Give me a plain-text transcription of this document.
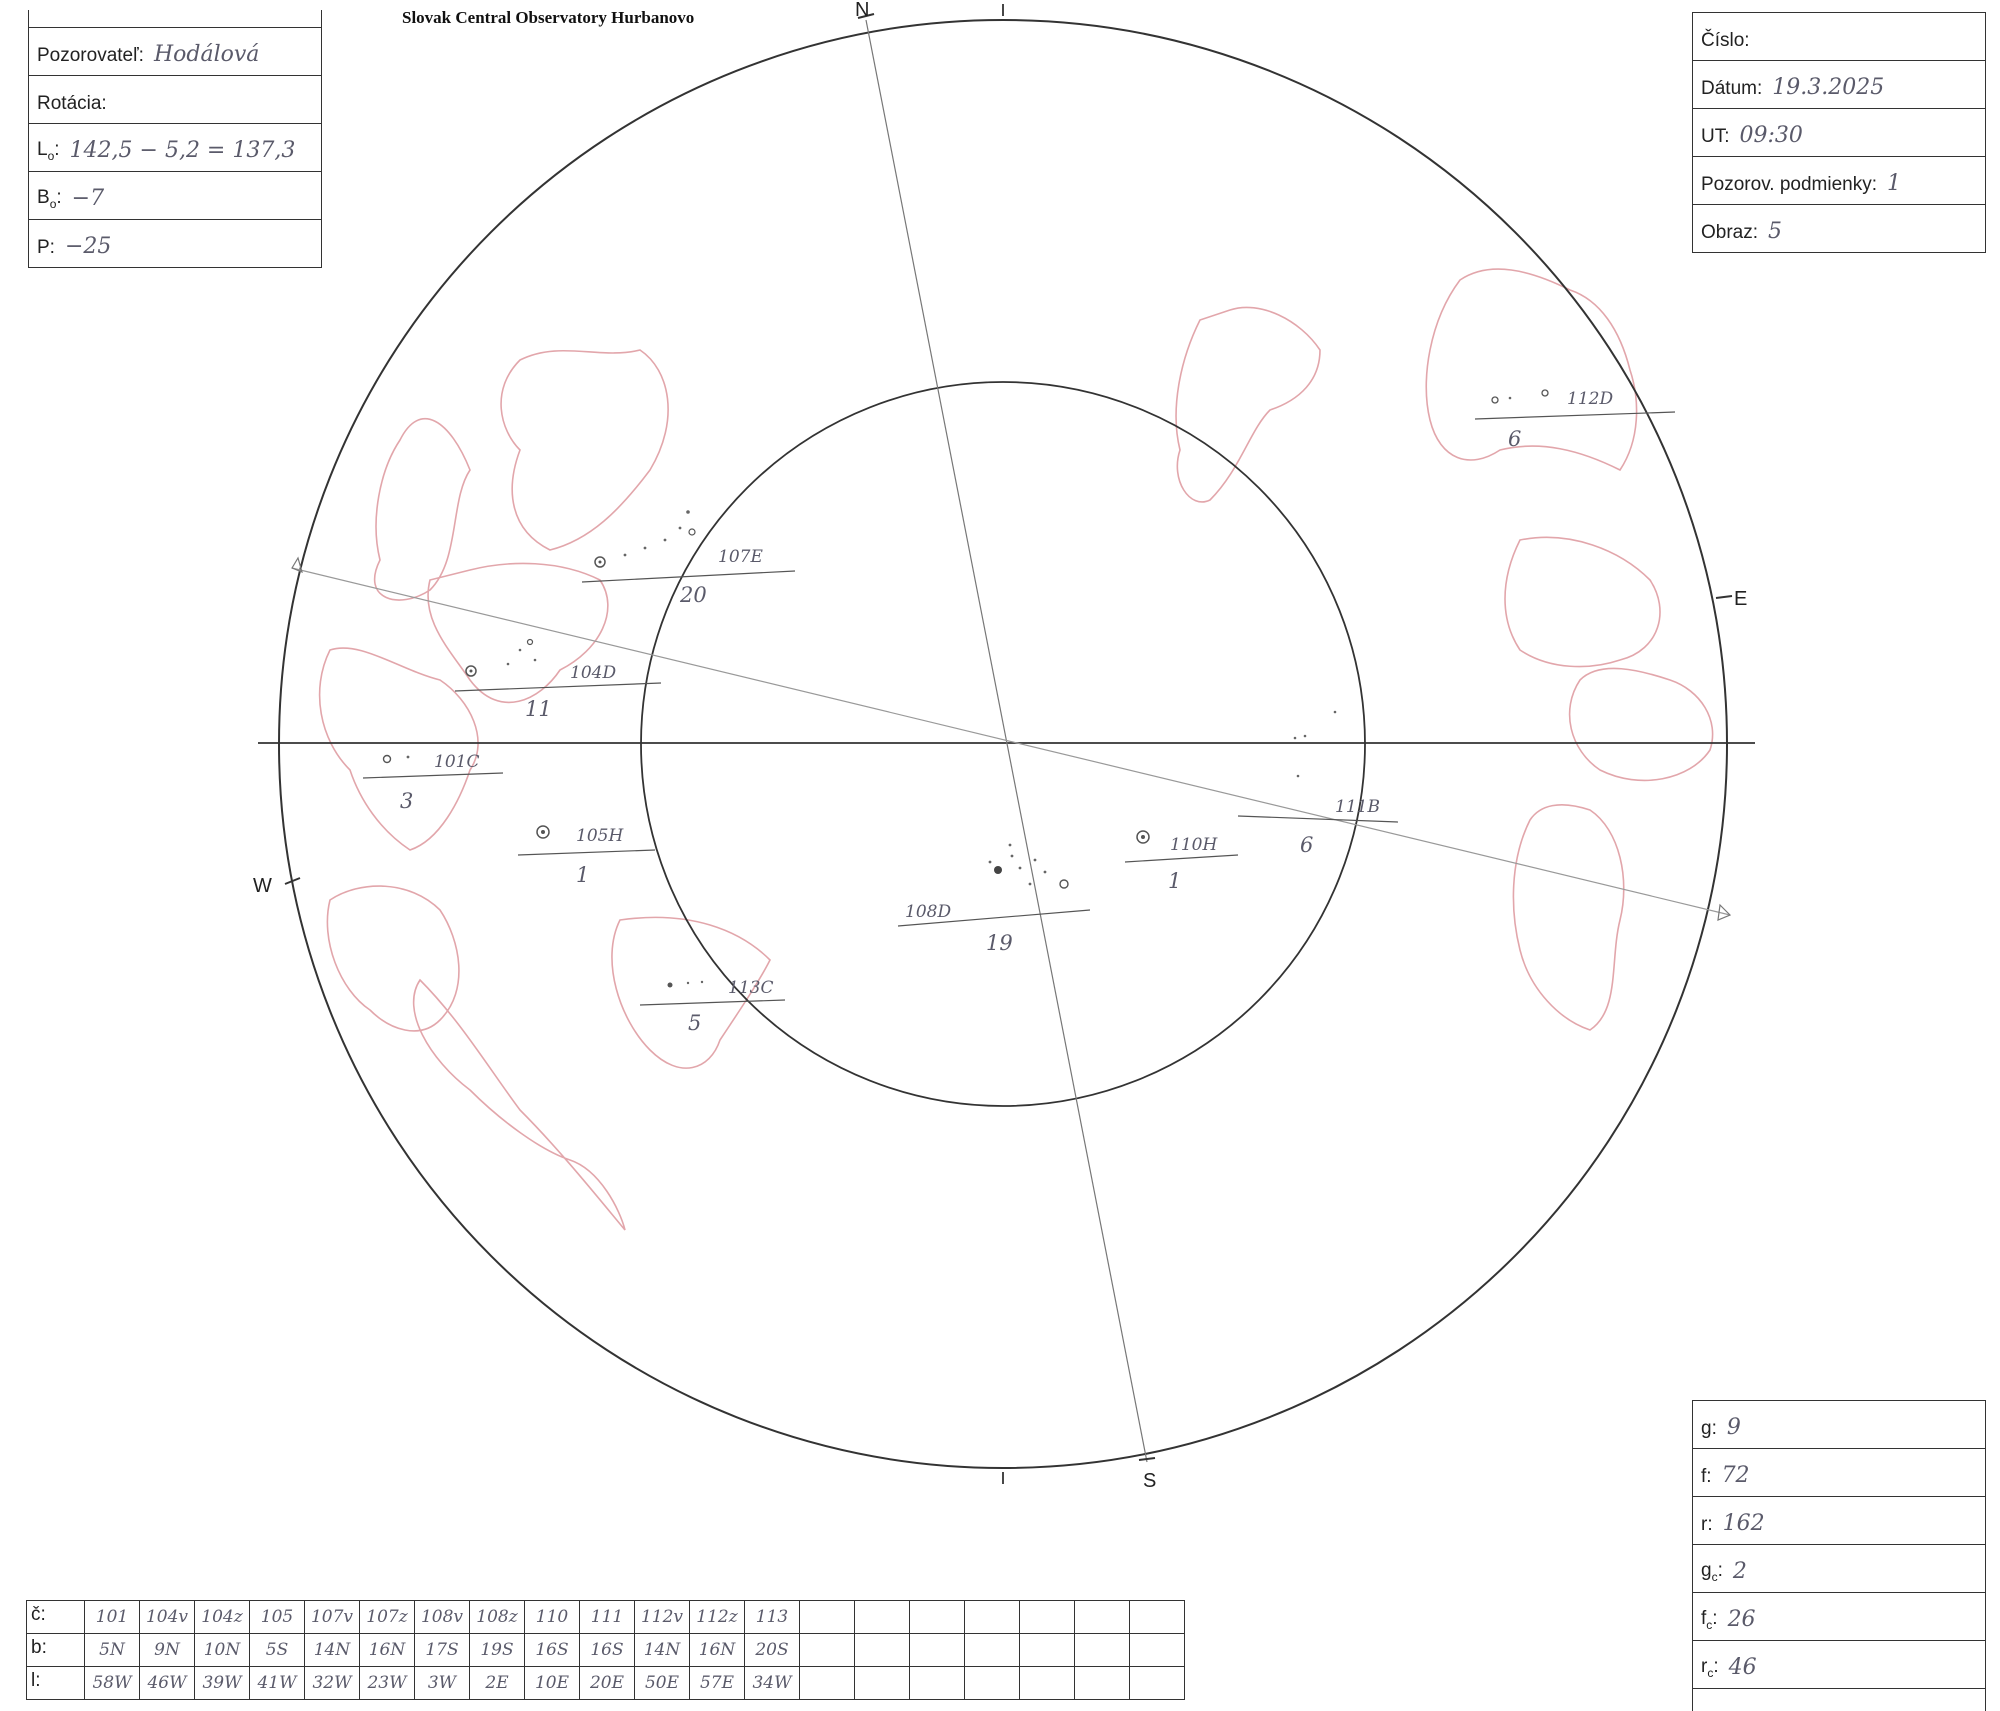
Slovak Central Observatory Hurbanovo
Pozorovateľ: Hodálová
Rotácia:
$L_o$: 142,5 − 5,2 = 137,3
$B_o$: −7
P: −25
Číslo:
Dátum: 19.3.2025
UT: 09:30
Pozorov. podmienky: 1
Obraz: 5
g: 9
f: 72
r: 162
$g_c$: 2
$f_c$: 26
$r_c$: 46
N
S
E
W
107E
20
104D
11
101C
3
105H
1
113C
5
108D
19
110H
1
111B
6
112D
6
č:	101	104v	104z	105	107v	107z	108v	108z	110	111	112v	112z	113							
b:	5N	9N	10N	5S	14N	16N	17S	19S	16S	16S	14N	16N	20S							
l:	58W	46W	39W	41W	32W	23W	3W	2E	10E	20E	50E	57E	34W							
